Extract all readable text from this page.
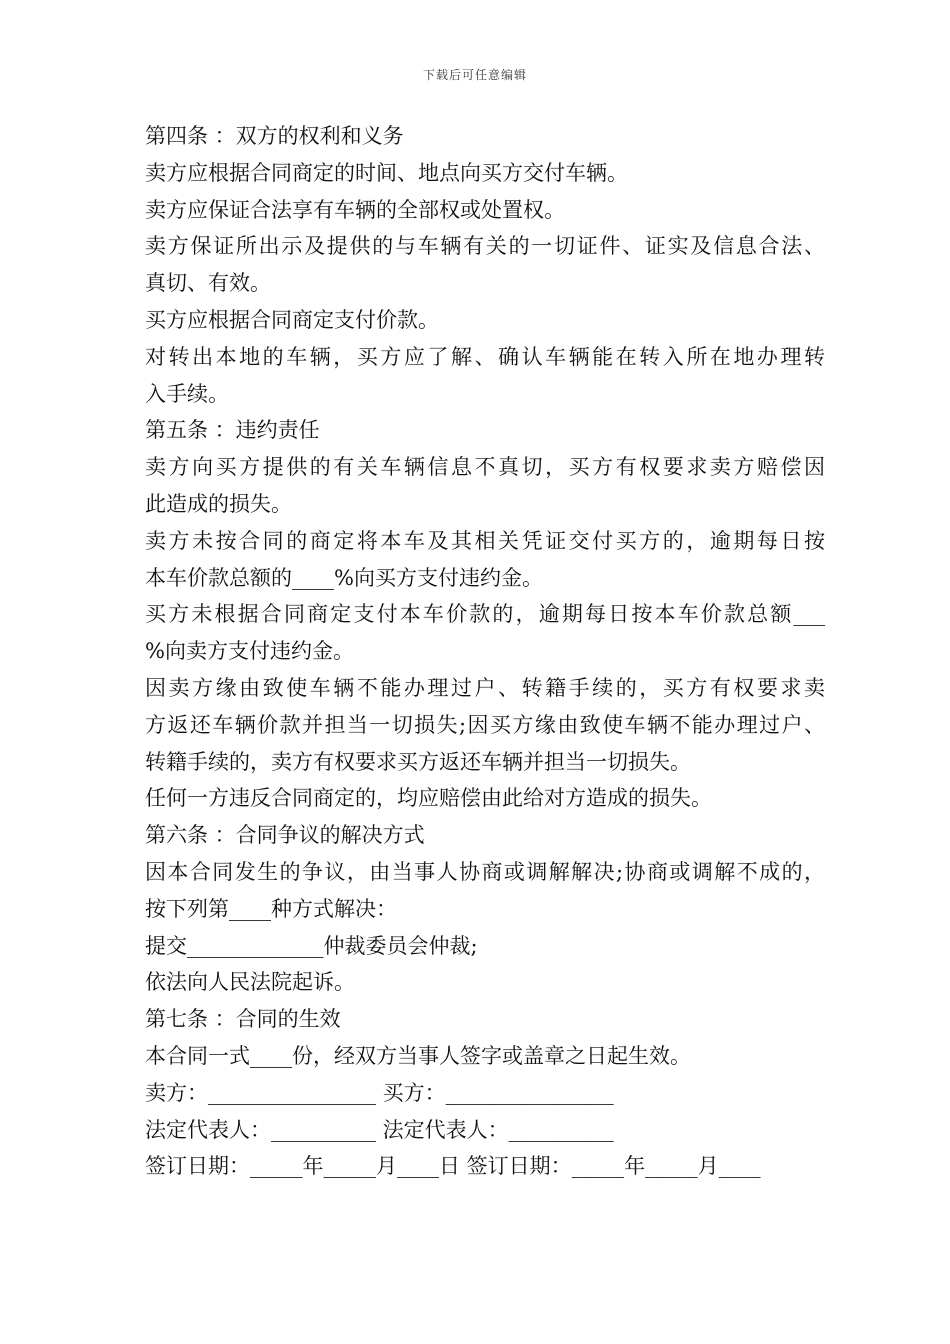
下载后可任意编辑
第四条 ：双方的权利和义务
卖方应根据合同商定的时间、地点向买方交付车辆。
卖方应保证合法享有车辆的全部权或处置权。
卖方保证所出示及提供的与车辆有关的一切证件、证实及信息合法、
真切、有效。
买方应根据合同商定支付价款。
对转出本地的车辆，买方应了解、确认车辆能在转入所在地办理转
入手续。
第五条 ：违约责任
卖方向买方提供的有关车辆信息不真切，买方有权要求卖方赔偿因
此造成的损失。
卖方未按合同的商定将本车及其相关凭证交付买方的，逾期每日按
本车价款总额的____%向买方支付违约金。
买方未根据合同商定支付本车价款的，逾期每日按本车价款总额___
%向卖方支付违约金。
因卖方缘由致使车辆不能办理过户、转籍手续的，买方有权要求卖
方返还车辆价款并担当一切损失;因买方缘由致使车辆不能办理过户、
转籍手续的，卖方有权要求买方返还车辆并担当一切损失。
任何一方违反合同商定的，均应赔偿由此给对方造成的损失。
第六条 ：合同争议的解决方式
因本合同发生的争议，由当事人协商或调解解决;协商或调解不成的，
按下列第____种方式解决：
提交_____________仲裁委员会仲裁;
依法向人民法院起诉。
第七条 ：合同的生效
本合同一式____份，经双方当事人签字或盖章之日起生效。
卖方：________________ 买方：________________
法定代表人：__________ 法定代表人：__________
签订日期：_____年_____月____日 签订日期：_____年_____月____
